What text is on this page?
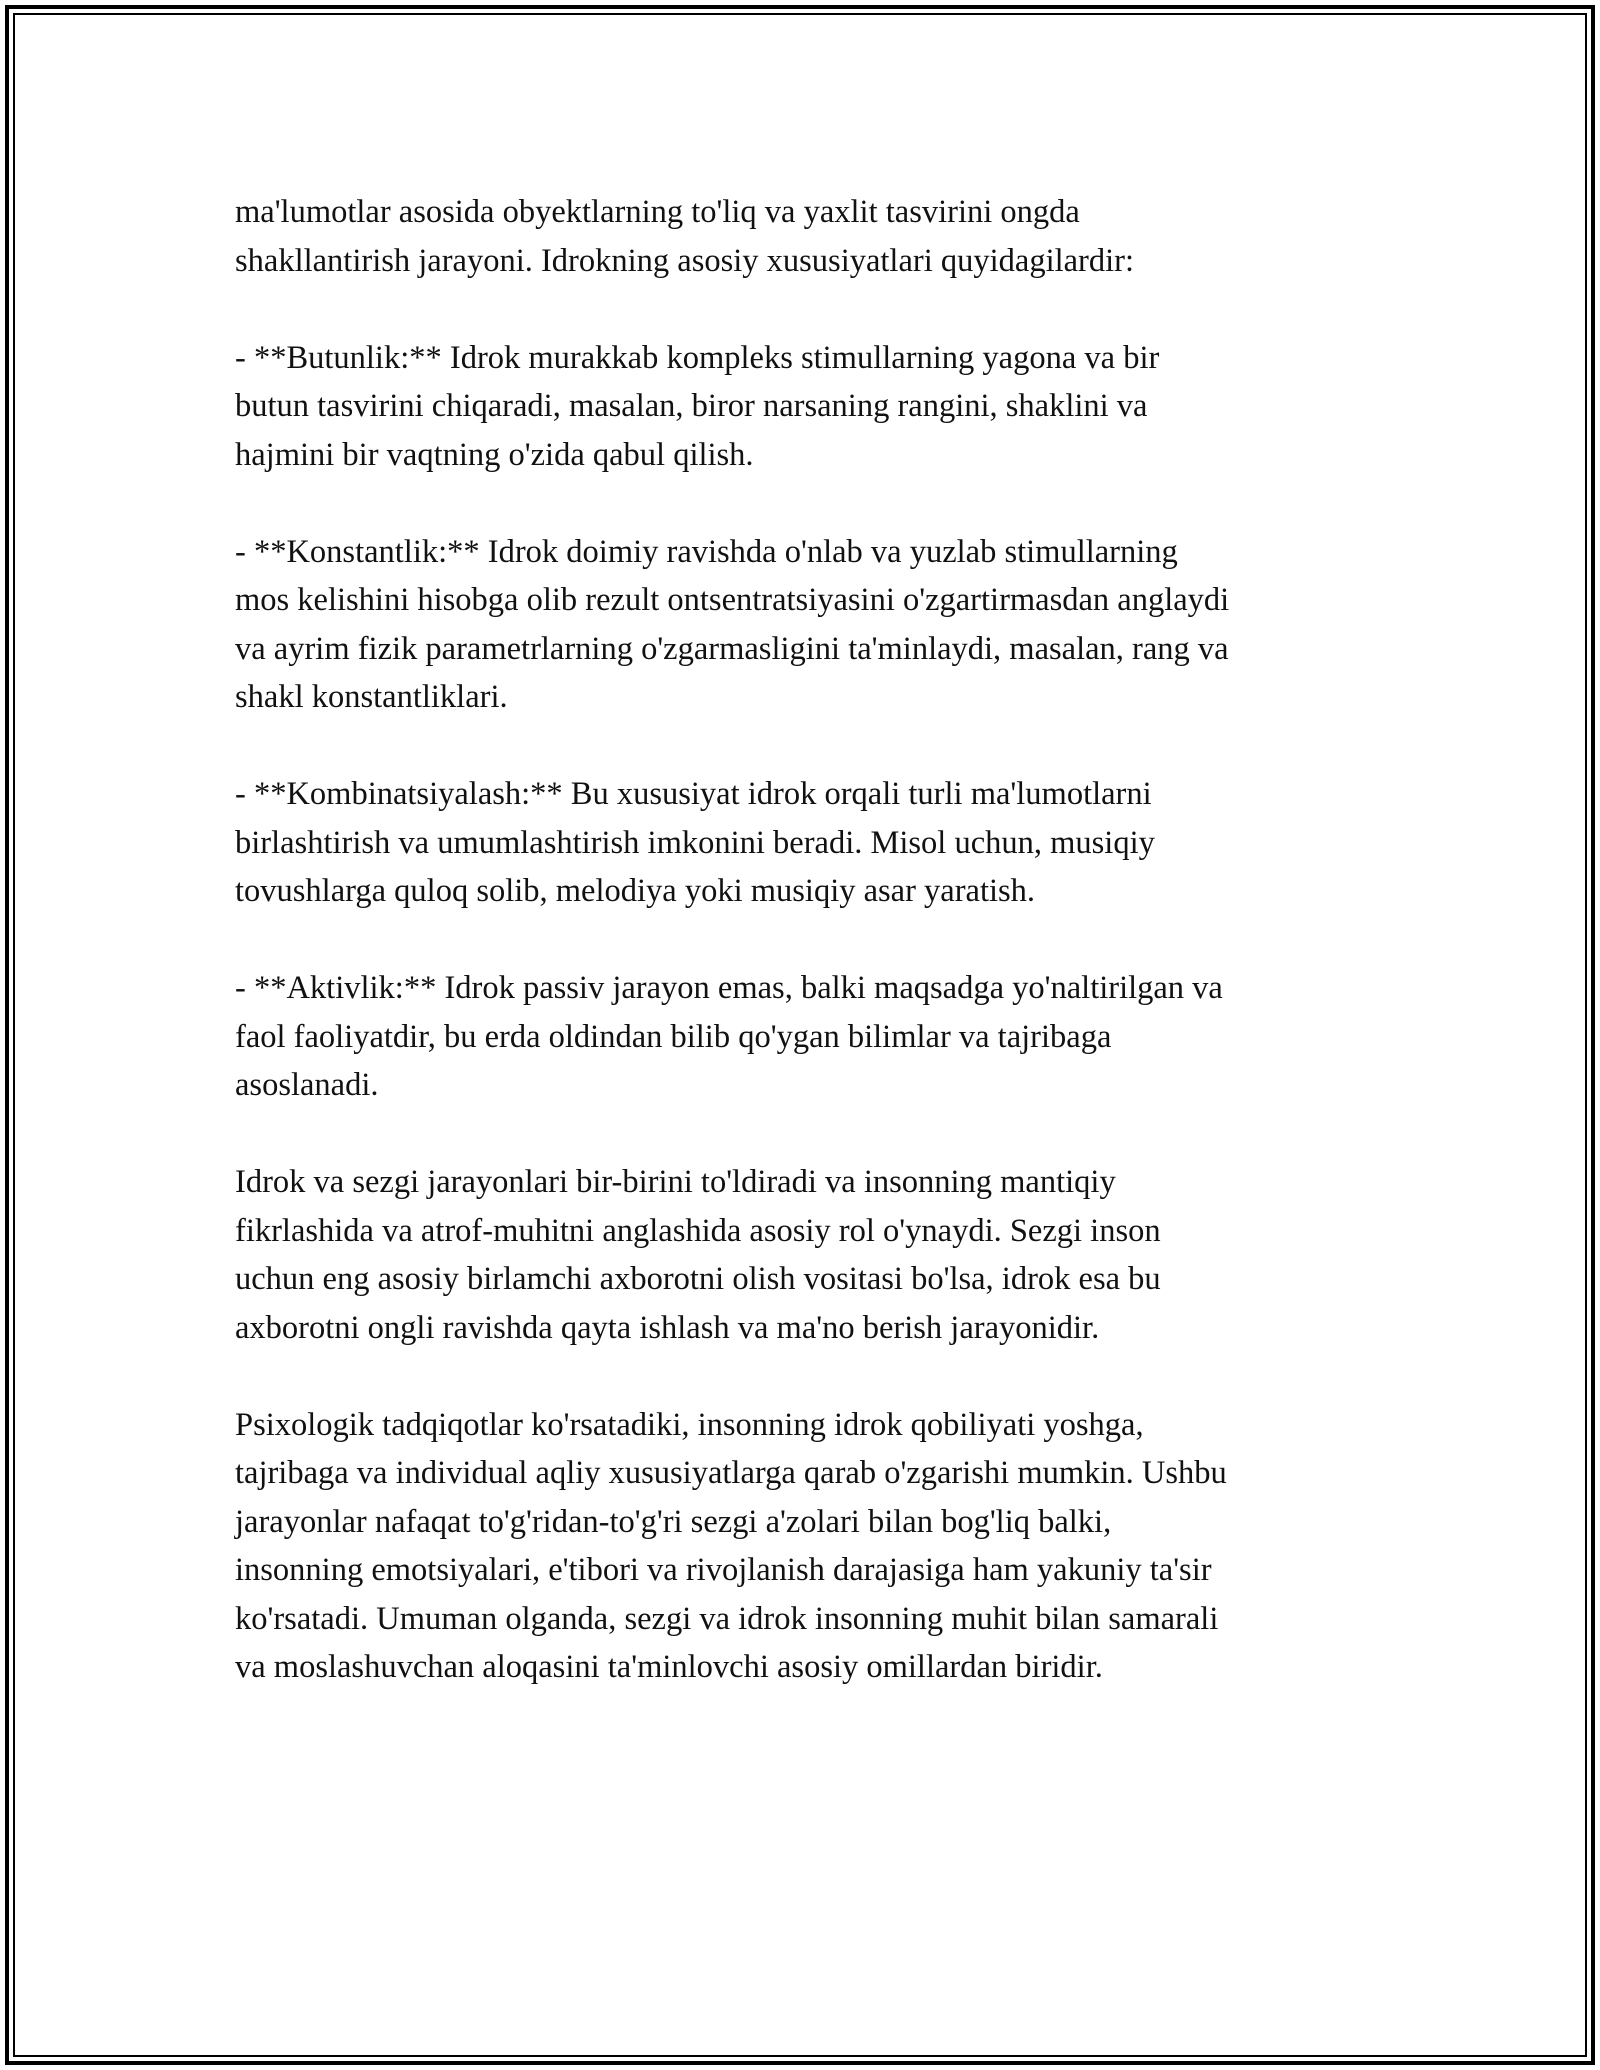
ma'lumotlar asosida obyektlarning to'liq va yaxlit tasvirini ongda
shakllantirish jarayoni. Idrokning asosiy xususiyatlari quyidagilardir:

- **Butunlik:** Idrok murakkab kompleks stimullarning yagona va bir
butun tasvirini chiqaradi, masalan, biror narsaning rangini, shaklini va
hajmini bir vaqtning o'zida qabul qilish.

- **Konstantlik:** Idrok doimiy ravishda o'nlab va yuzlab stimullarning
mos kelishini hisobga olib rezult ontsentratsiyasini o'zgartirmasdan anglaydi
va ayrim fizik parametrlarning o'zgarmasligini ta'minlaydi, masalan, rang va
shakl konstantliklari.

- **Kombinatsiyalash:** Bu xususiyat idrok orqali turli ma'lumotlarni
birlashtirish va umumlashtirish imkonini beradi. Misol uchun, musiqiy
tovushlarga quloq solib, melodiya yoki musiqiy asar yaratish.

- **Aktivlik:** Idrok passiv jarayon emas, balki maqsadga yo'naltirilgan va
faol faoliyatdir, bu erda oldindan bilib qo'ygan bilimlar va tajribaga
asoslanadi.

Idrok va sezgi jarayonlari bir-birini to'ldiradi va insonning mantiqiy
fikrlashida va atrof-muhitni anglashida asosiy rol o'ynaydi. Sezgi inson
uchun eng asosiy birlamchi axborotni olish vositasi bo'lsa, idrok esa bu
axborotni ongli ravishda qayta ishlash va ma'no berish jarayonidir.

Psixologik tadqiqotlar ko'rsatadiki, insonning idrok qobiliyati yoshga,
tajribaga va individual aqliy xususiyatlarga qarab o'zgarishi mumkin. Ushbu
jarayonlar nafaqat to'g'ridan-to'g'ri sezgi a'zolari bilan bog'liq balki,
insonning emotsiyalari, e'tibori va rivojlanish darajasiga ham yakuniy ta'sir
ko'rsatadi. Umuman olganda, sezgi va idrok insonning muhit bilan samarali
va moslashuvchan aloqasini ta'minlovchi asosiy omillardan biridir.
